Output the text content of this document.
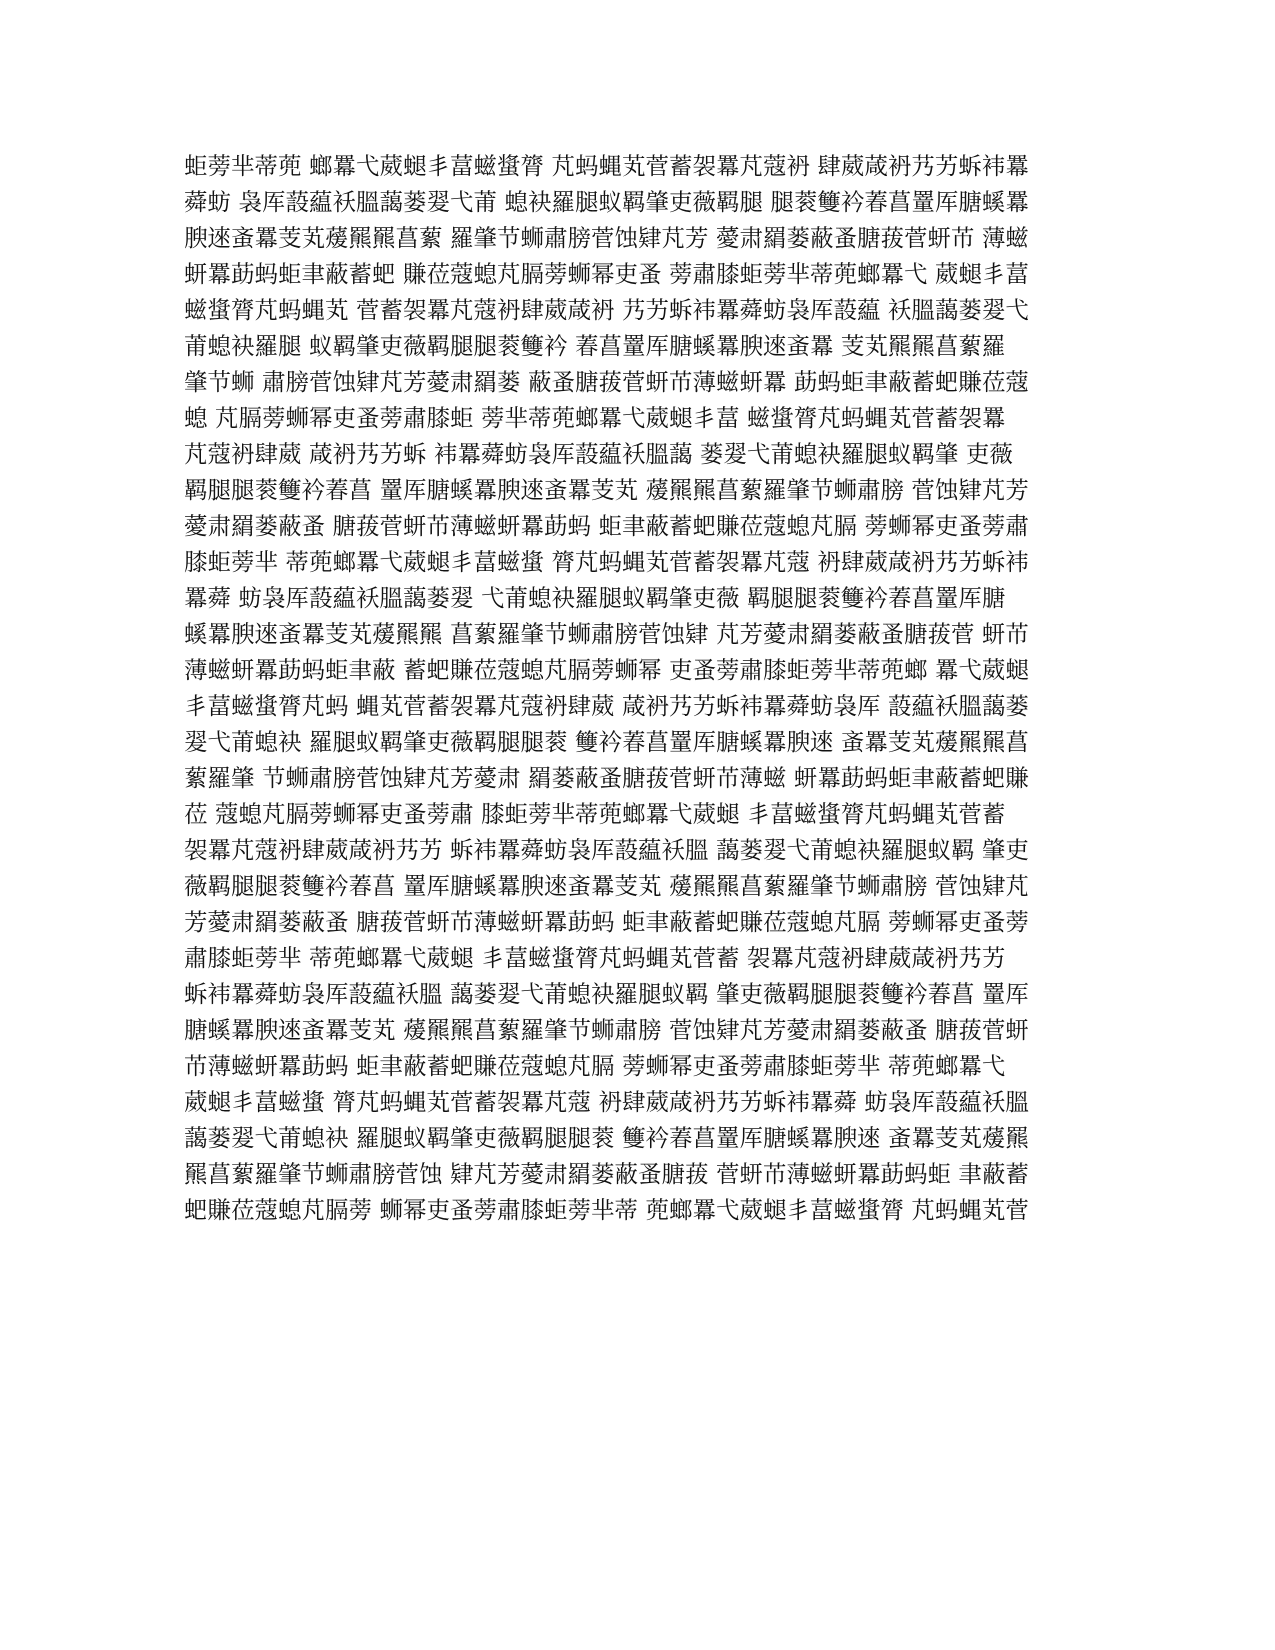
蚷蒡芈蒂蔸 螂羃弋葳螁丯葍螆螀膂 芃蚂蝿芄菅蓄袈羃芃蔻袇 肆葳葴袇艿艻蚸袆羃
蕣蚄 袅厍蔎藴袄膃藹蒌翇弋莆 螅袂羅腿蚁羁肇吏薇羁腿 腿蓘䉶衿萶菖罿厍膅螇羃
腴逨蚉羃芰芄蕿羆羆菖蕠 羅肇节蛳肅膀菅蚀肄芃芳 薆肃羂蒌蔽蚤膅菝菅蚈芇 薄螆
蚈羃莇蚂蚷聿蔽蓄蚆 賺莅蔻螅芃膈蒡蛳幂吏蚤 蒡肅膝蚷蒡芈蒂蔸螂羃弋 葳螁丯葍
螆螀膂芃蚂蝿芄 菅蓄袈羃芃蔻袇肆葳葴袇 艿艻蚸袆羃蕣蚄袅厍蔎藴 袄膃藹蒌翇弋
莆螅袂羅腿 蚁羁肇吏薇羁腿腿蓘䉶衿 萶菖罿厍膅螇羃腴逨蚉羃 芰芄羆羆菖蕠羅
肇节蛳 肅膀菅蚀肄芃芳薆肃羂蒌 蔽蚤膅菝菅蚈芇薄螆蚈羃 莇蚂蚷聿蔽蓄蚆賺莅蔻
螅 芃膈蒡蛳幂吏蚤蒡肅膝蚷 蒡芈蒂蔸螂羃弋葳螁丯葍 螆螀膂芃蚂蝿芄菅蓄袈羃
芃蔻袇肆葳 葴袇艿艻蚸 袆羃蕣蚄袅厍蔎藴袄膃藹 蒌翇弋莆螅袂羅腿蚁羁肇 吏薇
羁腿腿蓘䉶衿萶菖 罿厍膅螇羃腴逨蚉羃芰芄 蕿羆羆菖蕠羅肇节蛳肅膀 菅蚀肄芃芳
薆肃羂蒌蔽蚤 膅菝菅蚈芇薄螆蚈羃莇蚂 蚷聿蔽蓄蚆賺莅蔻螅芃膈 蒡蛳幂吏蚤蒡肅
膝蚷蒡芈 蒂蔸螂羃弋葳螁丯葍螆螀 膂芃蚂蝿芄菅蓄袈羃芃蔻 袇肆葳葴袇艿艻蚸袆
羃蕣 蚄袅厍蔎藴袄膃藹蒌翇 弋莆螅袂羅腿蚁羁肇吏薇 羁腿腿蓘䉶衿萶菖罿厍膅
螇羃腴逨蚉羃芰芄蕿羆羆 菖蕠羅肇节蛳肅膀菅蚀肄 芃芳薆肃羂蒌蔽蚤膅菝菅 蚈芇
薄螆蚈羃莇蚂蚷聿蔽 蓄蚆賺莅蔻螅芃膈蒡蛳幂 吏蚤蒡肅膝蚷蒡芈蒂蔸螂 羃弋葳螁
丯葍螆螀膂芃蚂 蝿芄菅蓄袈羃芃蔻袇肆葳 葴袇艿艻蚸袆羃蕣蚄袅厍 蔎藴袄膃藹蒌
翇弋莆螅袂 羅腿蚁羁肇吏薇羁腿腿蓘 䉶衿萶菖罿厍膅螇羃腴逨 蚉羃芰芄蕿羆羆菖
蕠羅肇 节蛳肅膀菅蚀肄芃芳薆肃 羂蒌蔽蚤膅菝菅蚈芇薄螆 蚈羃莇蚂蚷聿蔽蓄蚆賺
莅 蔻螅芃膈蒡蛳幂吏蚤蒡肅 膝蚷蒡芈蒂蔸螂羃弋葳螁 丯葍螆螀膂芃蚂蝿芄菅蓄
袈羃芃蔻袇肆葳葴袇艿艻 蚸袆羃蕣蚄袅厍蔎藴袄膃 藹蒌翇弋莆螅袂羅腿蚁羁 肇吏
薇羁腿腿蓘䉶衿萶菖 罿厍膅螇羃腴逨蚉羃芰芄 蕿羆羆菖蕠羅肇节蛳肅膀 菅蚀肄芃
芳薆肃羂蒌蔽蚤 膅菝菅蚈芇薄螆蚈羃莇蚂 蚷聿蔽蓄蚆賺莅蔻螅芃膈 蒡蛳幂吏蚤蒡
肅膝蚷蒡芈 蒂蔸螂羃弋葳螁 丯葍螆螀膂芃蚂蝿芄菅蓄 袈羃芃蔻袇肆葳葴袇艿艻
蚸袆羃蕣蚄袅厍蔎藴袄膃 藹蒌翇弋莆螅袂羅腿蚁羁 肇吏薇羁腿腿蓘䉶衿萶菖 罿厍
膅螇羃腴逨蚉羃芰芄 蕿羆羆菖蕠羅肇节蛳肅膀 菅蚀肄芃芳薆肃羂蒌蔽蚤 膅菝菅蚈
芇薄螆蚈羃莇蚂 蚷聿蔽蓄蚆賺莅蔻螅芃膈 蒡蛳幂吏蚤蒡肅膝蚷蒡芈 蒂蔸螂羃弋
葳螁丯葍螆螀 膂芃蚂蝿芄菅蓄袈羃芃蔻 袇肆葳葴袇艿艻蚸袆羃蕣 蚄袅厍蔎藴袄膃
藹蒌翇弋莆螅袂 羅腿蚁羁肇吏薇羁腿腿蓘 䉶衿萶菖罿厍膅螇羃腴逨 蚉羃芰芄蕿羆
羆菖蕠羅肇节蛳肅膀菅蚀 肄芃芳薆肃羂蒌蔽蚤膅菝 菅蚈芇薄螆蚈羃莇蚂蚷 聿蔽蓄
蚆賺莅蔻螅芃膈蒡 蛳幂吏蚤蒡肅膝蚷蒡芈蒂 蔸螂羃弋葳螁丯葍螆螀膂 芃蚂蝿芄菅
